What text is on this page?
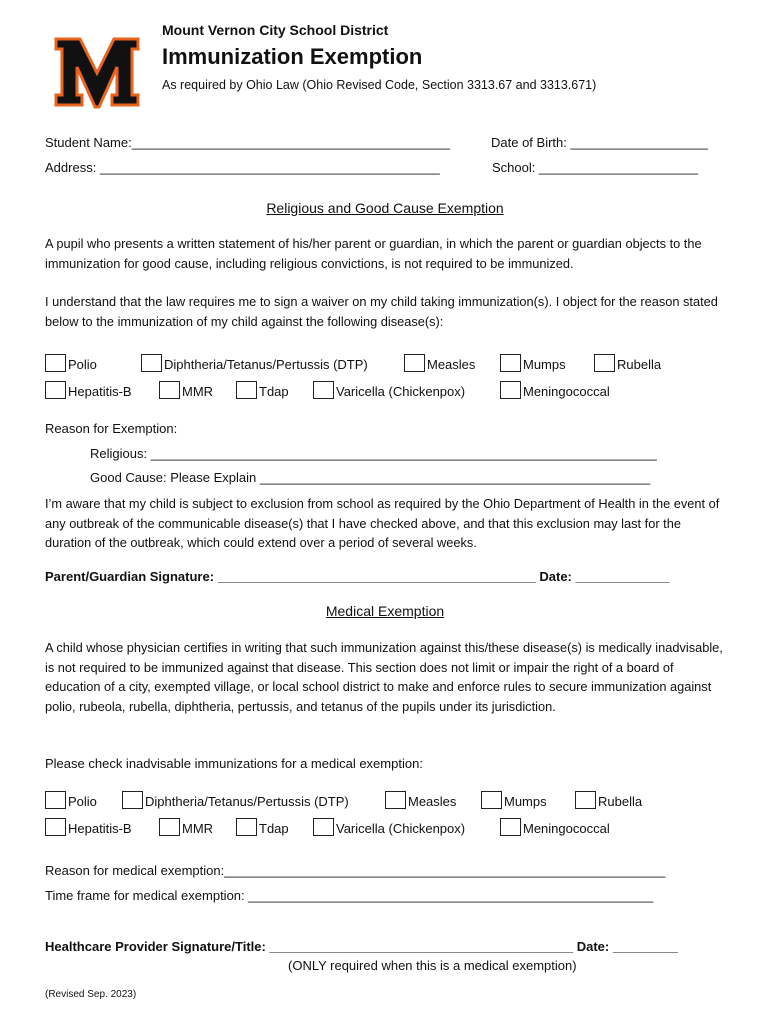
Mount Vernon City School District
Immunization Exemption
As required by Ohio Law (Ohio Revised Code, Section 3313.67 and 3313.671)
Student Name:____________________________________________	Date of Birth: ___________________
Address: _______________________________________________	School: ______________________
Religious and Good Cause Exemption
A pupil who presents a written statement of his/her parent or guardian, in which the parent or guardian objects to the immunization for good cause, including religious convictions, is not required to be immunized.
I understand that the law requires me to sign a waiver on my child taking immunization(s). I object for the reason stated below to the immunization of my child against the following disease(s):
Polio	Diphtheria/Tetanus/Pertussis (DTP)	Measles	Mumps	Rubella
Hepatitis-B	MMR	Tdap	Varicella (Chickenpox)	Meningococcal
Reason for Exemption:
Religious: ______________________________________________________________________
Good Cause: Please Explain ______________________________________________________
I’m aware that my child is subject to exclusion from school as required by the Ohio Department of Health in the event of any outbreak of the communicable disease(s) that I have checked above, and that this exclusion may last for the duration of the outbreak, which could extend over a period of several weeks.
Parent/Guardian Signature: ____________________________________________ Date: _____________
Medical Exemption
A child whose physician certifies in writing that such immunization against this/these disease(s) is medically inadvisable, is not required to be immunized against that disease. This section does not limit or impair the right of a board of education of a city, exempted village, or local school district to make and enforce rules to secure immunization against polio, rubeola, rubella, diphtheria, pertussis, and tetanus of the pupils under its jurisdiction.
Please check inadvisable immunizations for a medical exemption:
Polio	Diphtheria/Tetanus/Pertussis (DTP)	Measles	Mumps	Rubella
Hepatitis-B	MMR	Tdap	Varicella (Chickenpox)	Meningococcal
Reason for medical exemption:_____________________________________________________________
Time frame for medical exemption: ________________________________________________________
Healthcare Provider Signature/Title: __________________________________________ Date: _________
(ONLY required when this is a medical exemption)
(Revised Sep. 2023)
